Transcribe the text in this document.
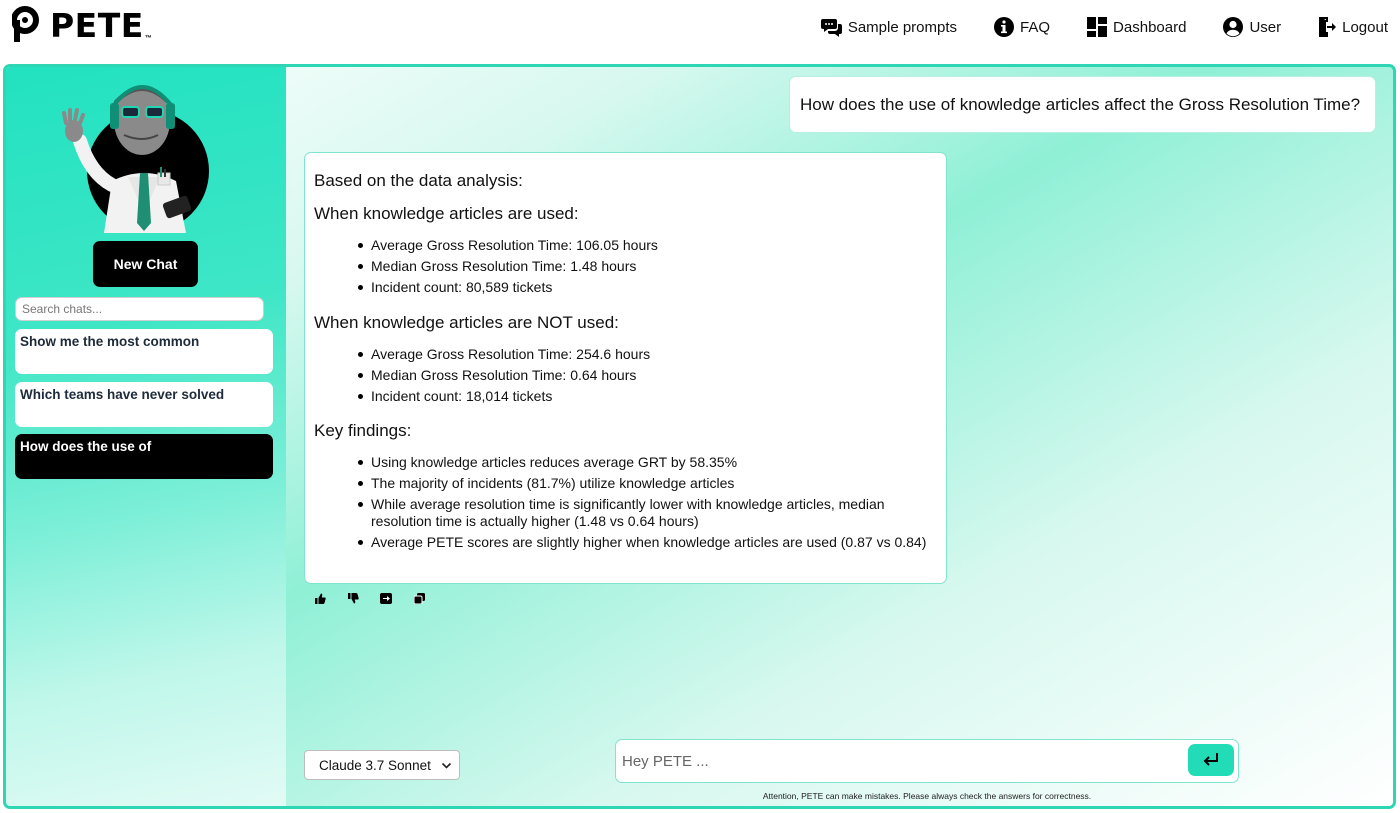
PETE ™
Sample prompts	FAQ	Dashboard	User	Logout
New Chat
Search chats...
Show me the most common
Which teams have never solved
How does the use of
How does the use of knowledge articles affect the Gross Resolution Time?
Based on the data analysis:
When knowledge articles are used:
Average Gross Resolution Time: 106.05 hours
Median Gross Resolution Time: 1.48 hours
Incident count: 80,589 tickets
When knowledge articles are NOT used:
Average Gross Resolution Time: 254.6 hours
Median Gross Resolution Time: 0.64 hours
Incident count: 18,014 tickets
Key findings:
Using knowledge articles reduces average GRT by 58.35%
The majority of incidents (81.7%) utilize knowledge articles
While average resolution time is significantly lower with knowledge articles, median resolution time is actually higher (1.48 vs 0.64 hours)
Average PETE scores are slightly higher when knowledge articles are used (0.87 vs 0.84)
Claude 3.7 Sonnet
Hey PETE ...
Attention, PETE can make mistakes. Please always check the answers for correctness.
